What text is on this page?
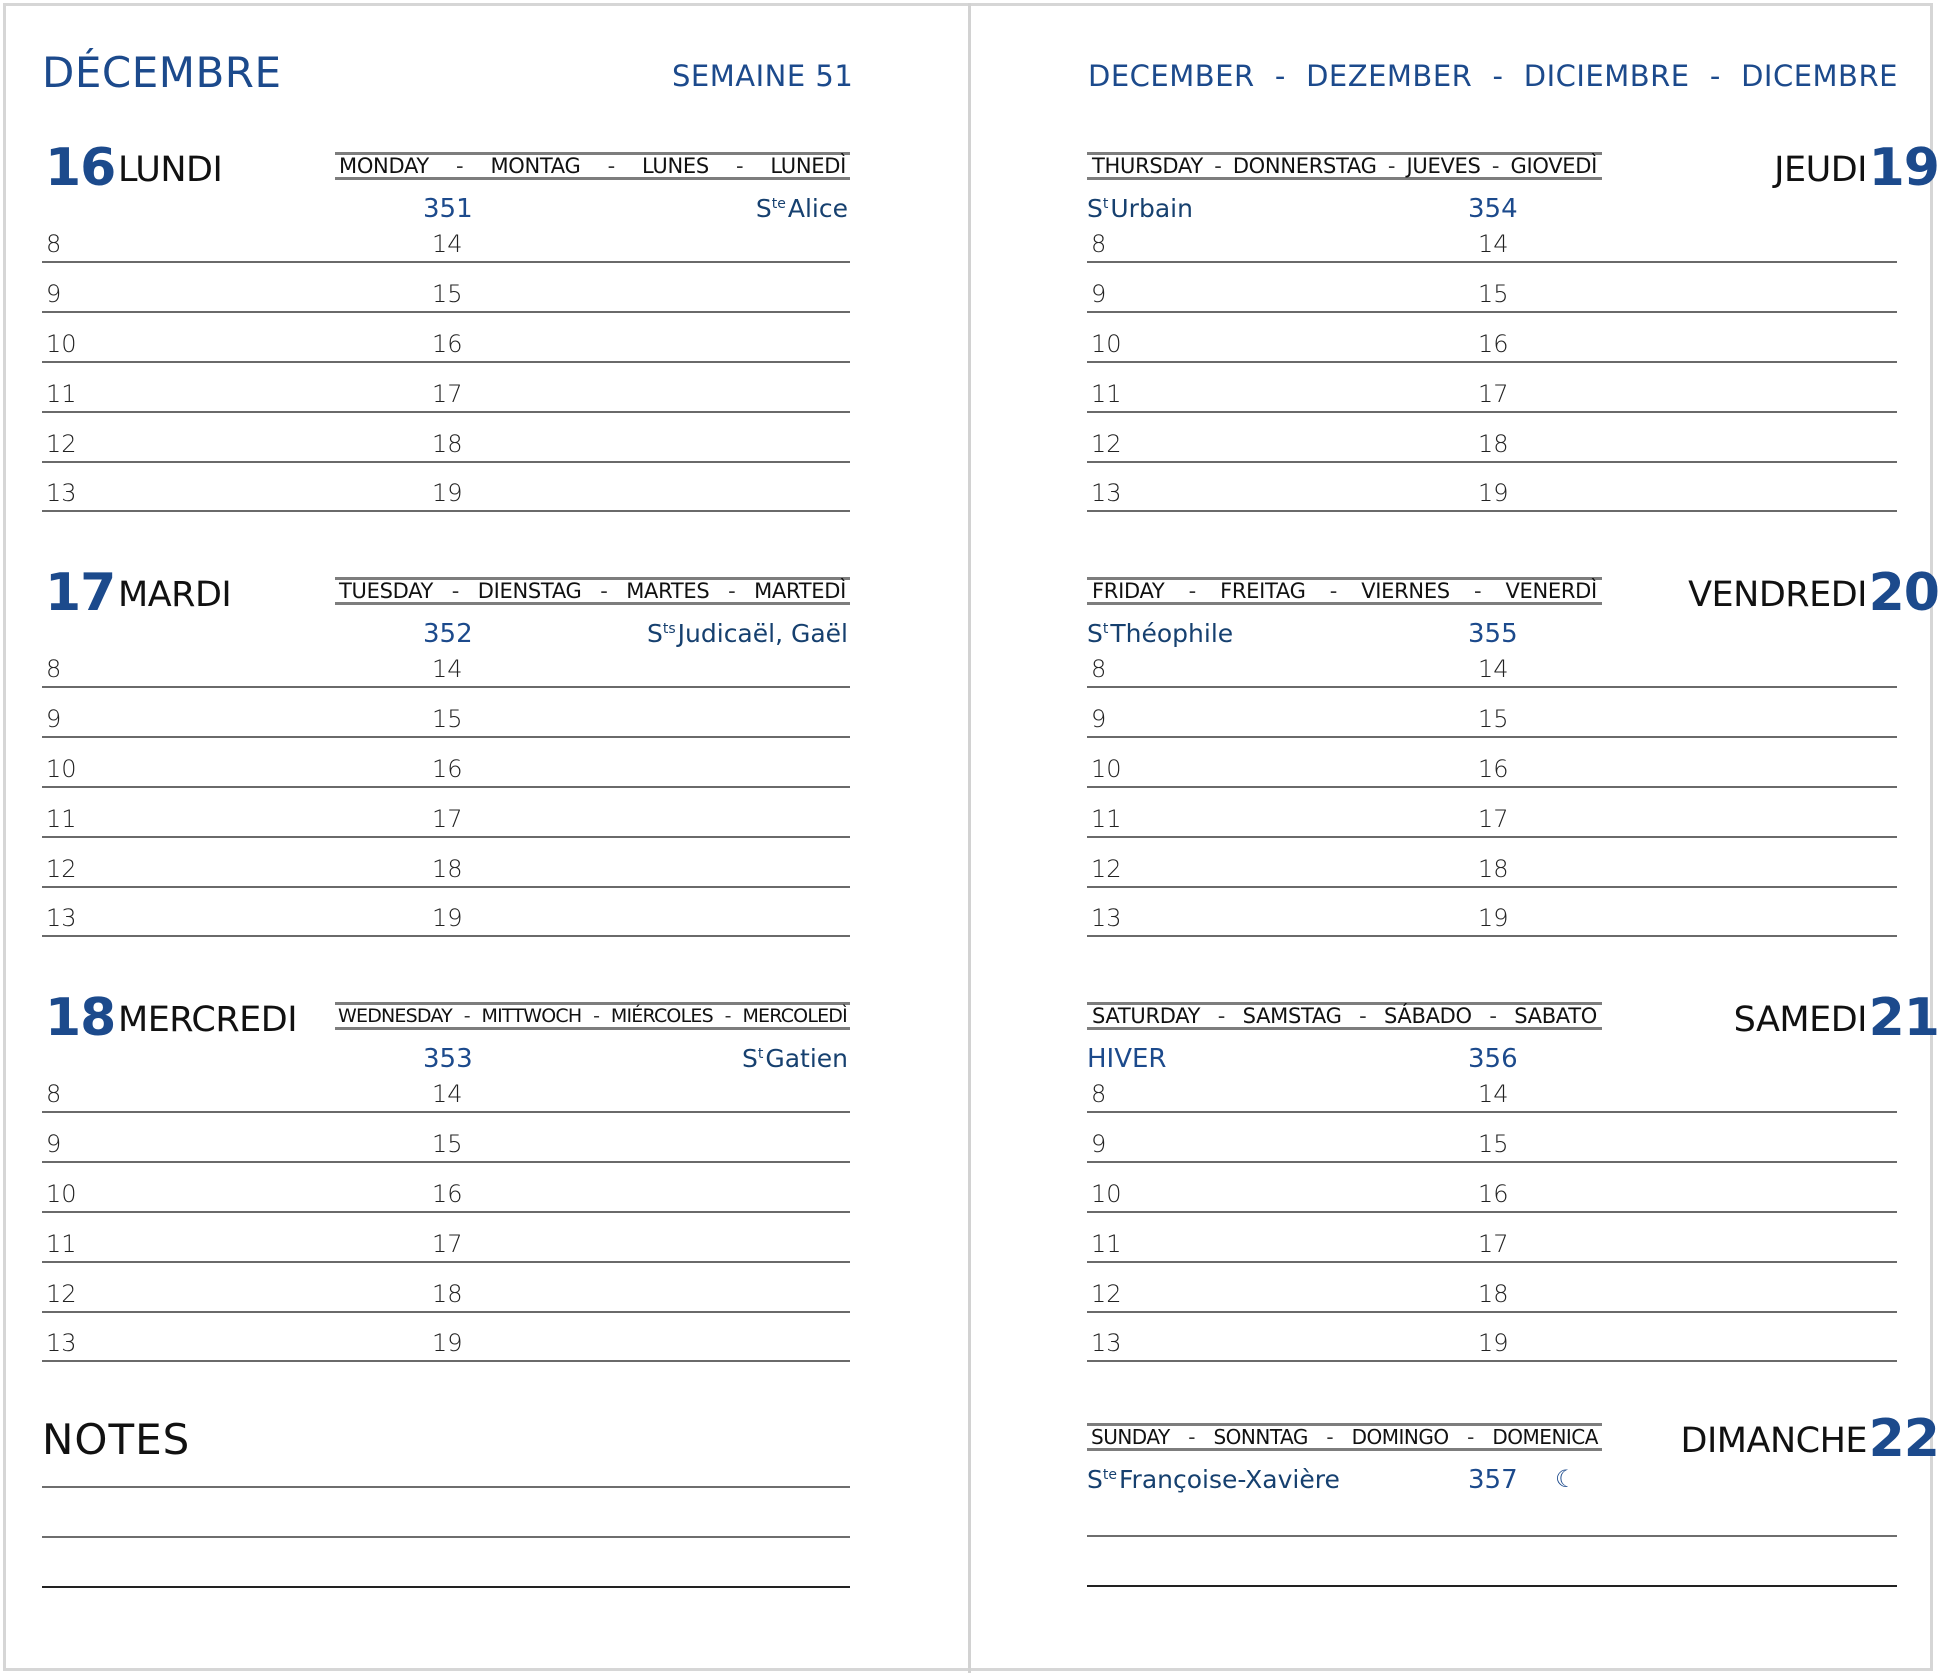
DÉCEMBRE	SEMAINE 51	DECEMBER - DEZEMBER - DICIEMBRE - DICEMBRE
16 LUNDI	MONDAY - MONTAG - LUNES - LUNEDÌ
351	$S^{te}Alice$
8	14
9	15
10	16
11	17
12	18
13	19
17 MARDI	TUESDAY - DIENSTAG - MARTES - MARTEDÌ
352	$S^{ts}Judicaël$, Gaël
8	14
9	15
10	16
11	17
12	18
13	19
18 MERCREDI WEDNESDAY - MITTWOCH - MIÉRCOLES - MERCOLEDÌ
353	$S^tGatien$
8	14
9	15
10	16
11	17
12	18
13	19
NOTES
THURSDAY - DONNERSTAG - JUEVES - GIOVEDÌ	JEUDI 19
$S^tUrbain$	354
8	14
9	15
10	16
11	17
12	18
13	19
FRIDAY - FREITAG - VIERNES - VENERDÌ	VENDREDI 20
$S^tThéophile$	355
8	14
9	15
10	16
11	17
12	18
13	19
SATURDAY - SAMSTAG - SÁBADO - SABATO	SAMEDI 21
HIVER	356
8	14
9	15
10	16
11	17
12	18
13	19
SUNDAY - SONNTAG - DOMINGO - DOMENICA DIMANCHE 22
$S^{te}Françoise$-Xavière	357 ☾
